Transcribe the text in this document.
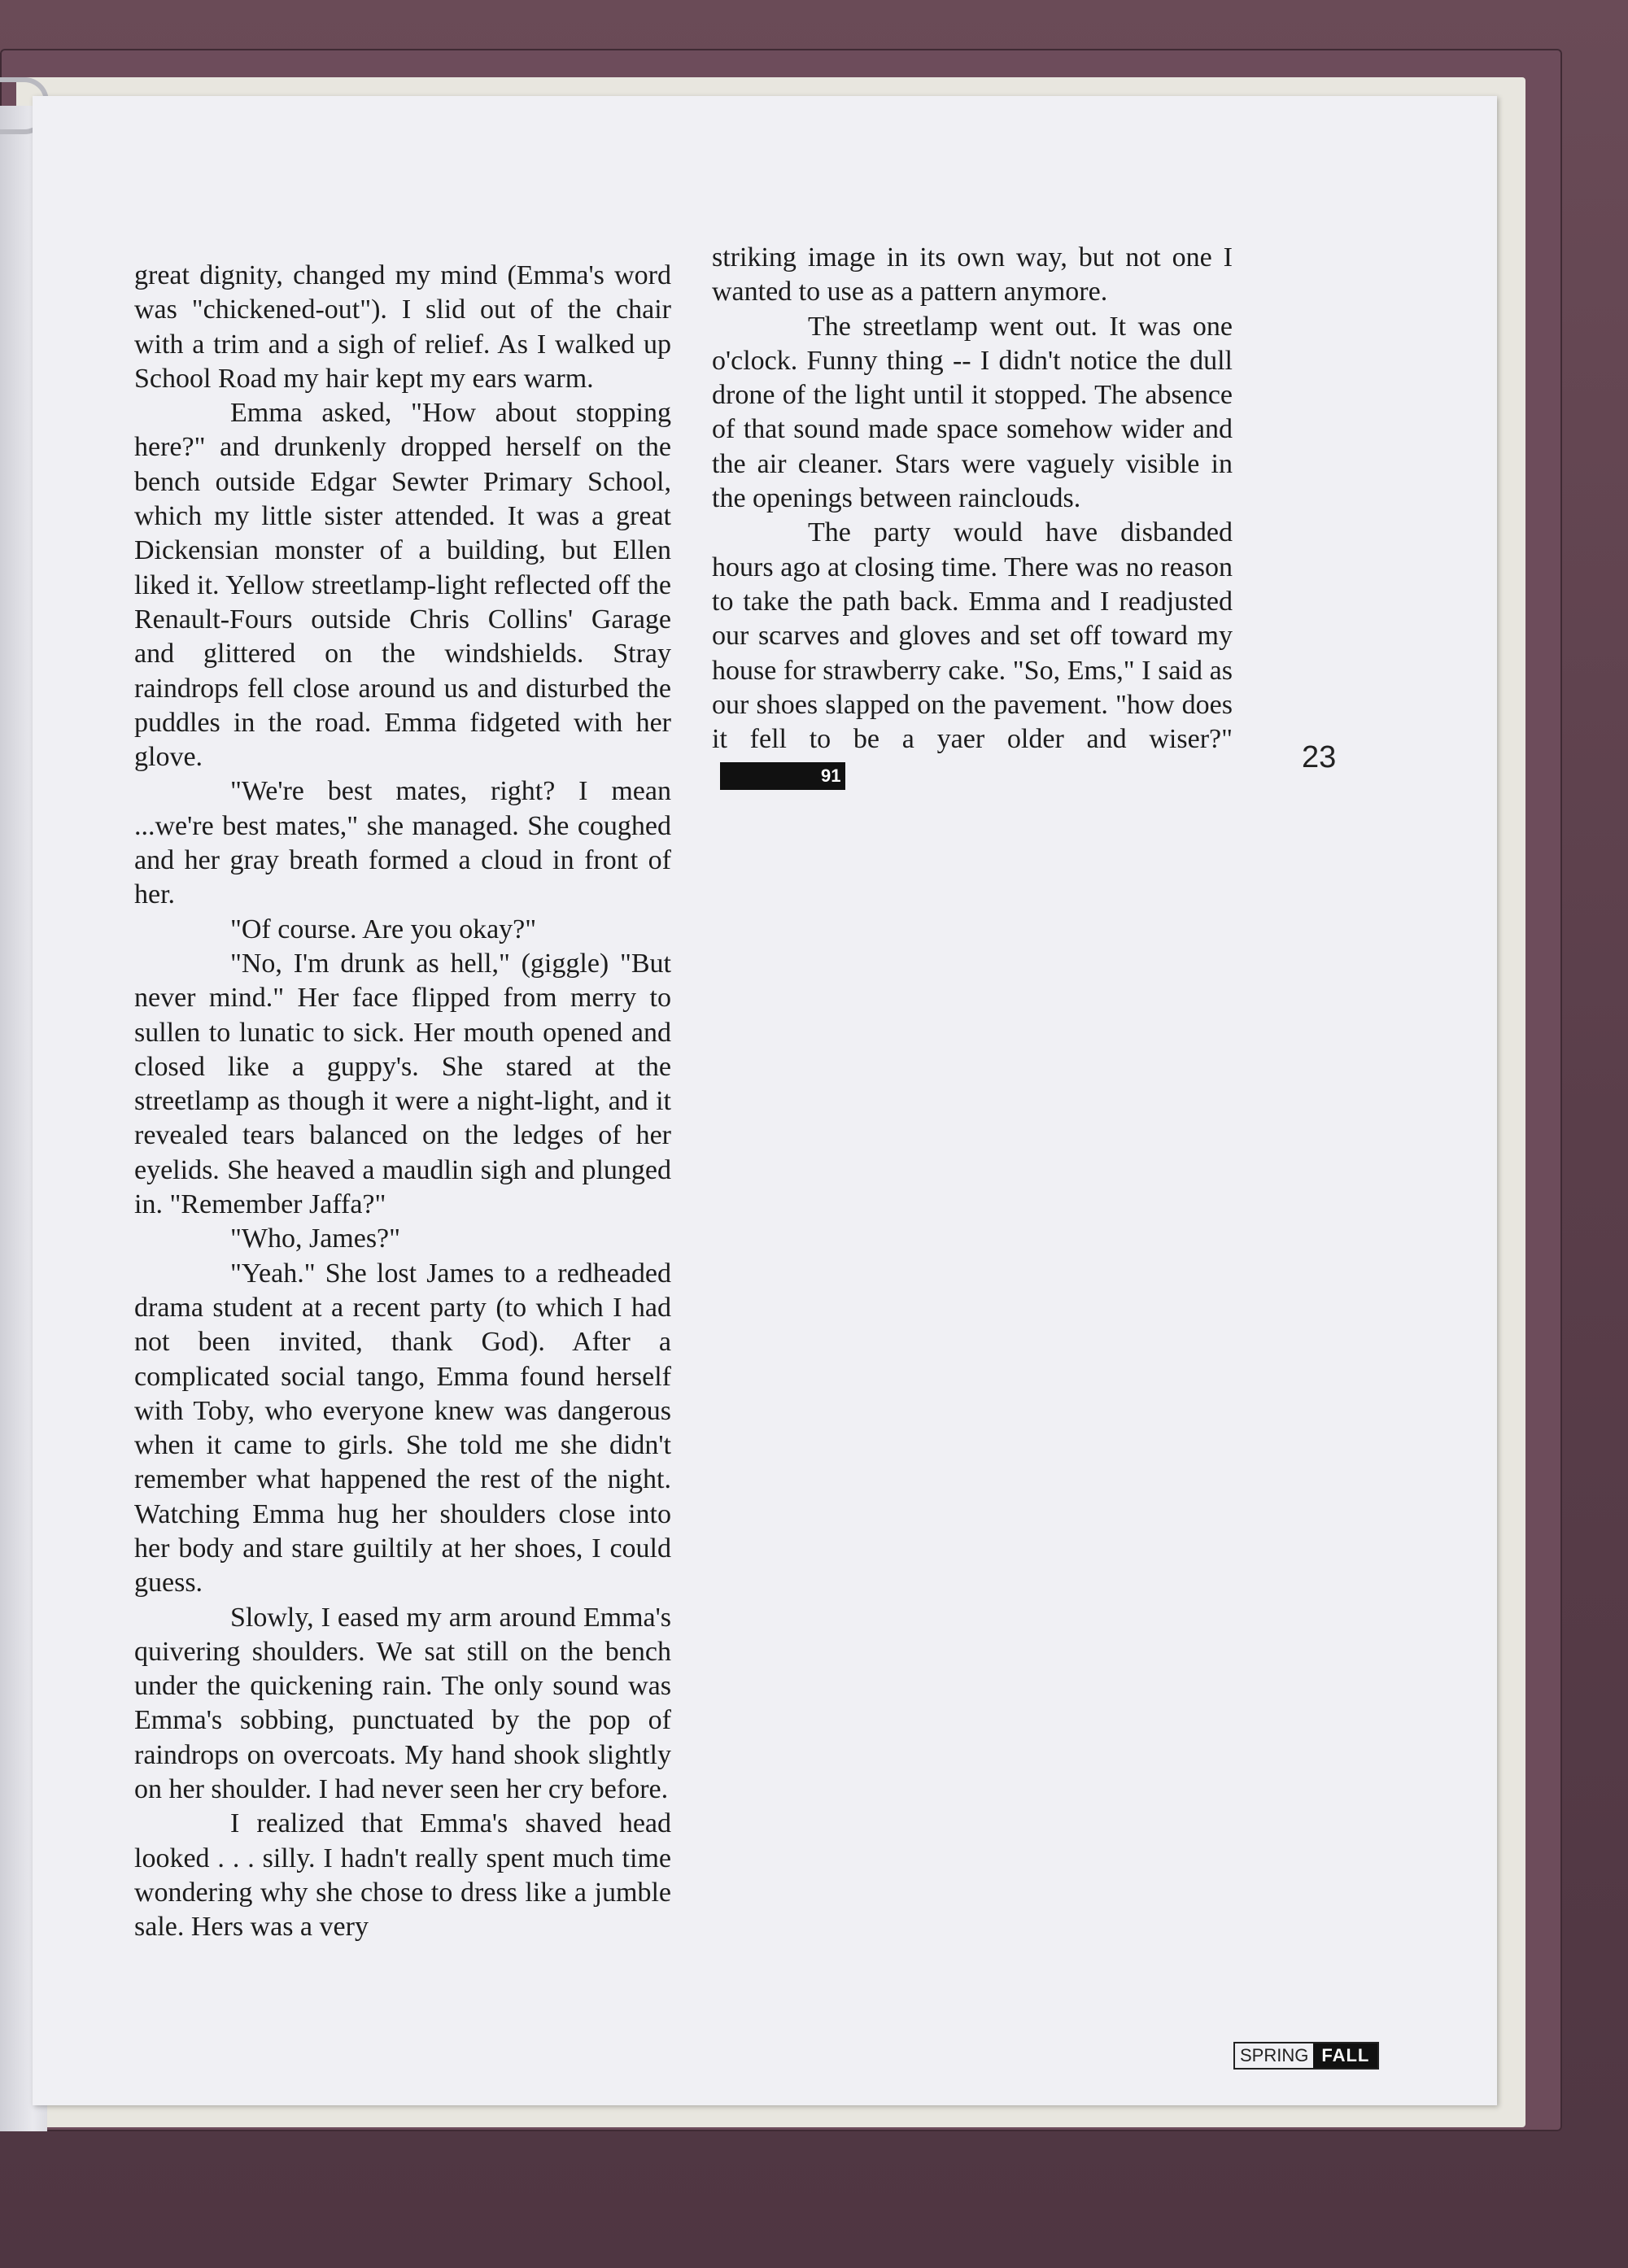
great dignity, changed my mind (Emma's word was "chickened-out"). I slid out of the chair with a trim and a sigh of relief. As I walked up School Road my hair kept my ears warm.

Emma asked, "How about stopping here?" and drunkenly dropped herself on the bench outside Edgar Sewter Primary School, which my little sister attended. It was a great Dickensian monster of a building, but Ellen liked it. Yellow streetlamp-light reflected off the Renault-Fours outside Chris Collins' Garage and glittered on the windshields. Stray raindrops fell close around us and disturbed the puddles in the road. Emma fidgeted with her glove.

"We're best mates, right? I mean ...we're best mates," she managed. She coughed and her gray breath formed a cloud in front of her.

"Of course. Are you okay?"

"No, I'm drunk as hell," (giggle) "But never mind." Her face flipped from merry to sullen to lunatic to sick. Her mouth opened and closed like a guppy's. She stared at the streetlamp as though it were a night-light, and it revealed tears balanced on the ledges of her eyelids. She heaved a maudlin sigh and plunged in. "Remember Jaffa?"

"Who, James?"

"Yeah." She lost James to a redheaded drama student at a recent party (to which I had not been invited, thank God). After a complicated social tango, Emma found herself with Toby, who everyone knew was dangerous when it came to girls. She told me she didn't remember what happened the rest of the night. Watching Emma hug her shoulders close into her body and stare guiltily at her shoes, I could guess.

Slowly, I eased my arm around Emma's quivering shoulders. We sat still on the bench under the quickening rain. The only sound was Emma's sobbing, punctuated by the pop of raindrops on overcoats. My hand shook slightly on her shoulder. I had never seen her cry before.

I realized that Emma's shaved head looked . . . silly. I hadn't really spent much time wondering why she chose to dress like a jumble sale. Hers was a very

striking image in its own way, but not one I wanted to use as a pattern anymore.

The streetlamp went out. It was one o'clock. Funny thing -- I didn't notice the dull drone of the light until it stopped. The absence of that sound made space somehow wider and the air cleaner. Stars were vaguely visible in the openings between rainclouds.

The party would have disbanded hours ago at closing time. There was no reason to take the path back. Emma and I readjusted our scarves and gloves and set off toward my house for strawberry cake. "So, Ems," I said as our shoes slapped on the pavement. "how does it fell to be a yaer older and wiser?"91

23
SPRING FALL
